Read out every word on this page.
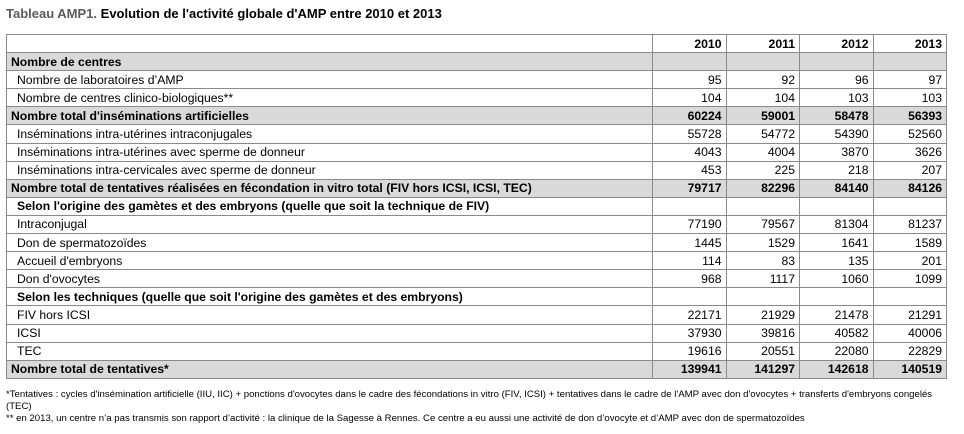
Tableau AMP1. Evolution de l'activité globale d'AMP entre 2010 et 2013
	2010	2011	2012	2013
Nombre de centres				
Nombre de laboratoires d’AMP	95	92	96	97
Nombre de centres clinico-biologiques**	104	104	103	103
Nombre total d'inséminations artificielles	60224	59001	58478	56393
Inséminations intra-utérines intraconjugales	55728	54772	54390	52560
Inséminations intra-utérines avec sperme de donneur	4043	4004	3870	3626
Inséminations intra-cervicales avec sperme de donneur	453	225	218	207
Nombre total de tentatives réalisées en fécondation in vitro total (FIV hors ICSI, ICSI, TEC)	79717	82296	84140	84126
Selon l'origine des gamètes et des embryons (quelle que soit la technique de FIV)				
Intraconjugal	77190	79567	81304	81237
Don de spermatozoïdes	1445	1529	1641	1589
Accueil d'embryons	114	83	135	201
Don d'ovocytes	968	1117	1060	1099
Selon les techniques (quelle que soit l'origine des gamètes et des embryons)				
FIV hors ICSI	22171	21929	21478	21291
ICSI	37930	39816	40582	40006
TEC	19616	20551	22080	22829
Nombre total de tentatives*	139941	141297	142618	140519

*Tentatives : cycles d'insémination artificielle (IIU, IIC) + ponctions d'ovocytes dans le cadre des fécondations in vitro (FIV, ICSI) + tentatives dans le cadre de l'AMP avec don d'ovocytes + transferts d'embryons congelés (TEC)

** en 2013, un centre n’a pas transmis son rapport d’activité : la clinique de la Sagesse à Rennes. Ce centre a eu aussi une activité de don d’ovocyte et d’AMP avec don de spermatozoïdes
